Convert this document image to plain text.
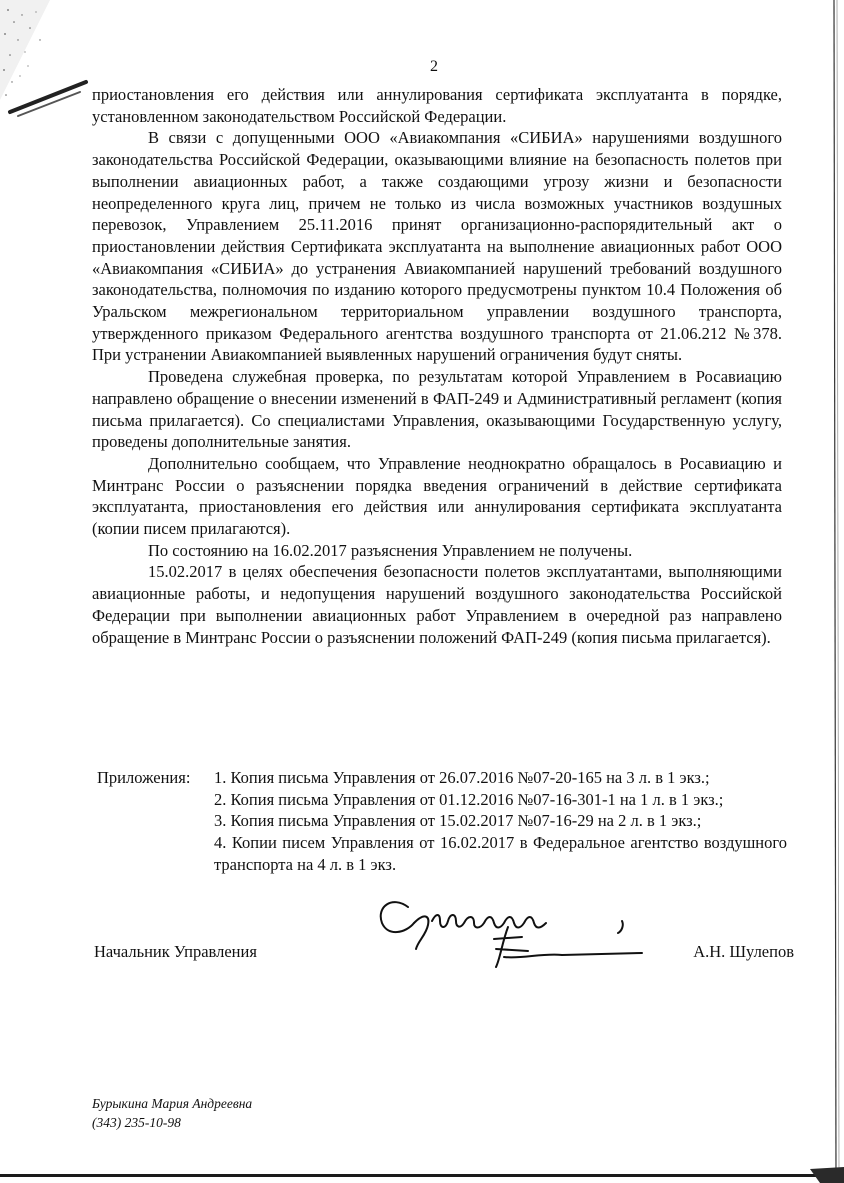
2

приостановления его действия или аннулирования сертификата эксплуатанта в порядке, установленном законодательством Российской Федерации.

В связи с допущенными ООО «Авиакомпания «СИБИА» нарушениями воздушного законодательства Российской Федерации, оказывающими влияние на безопасность полетов при выполнении авиационных работ, а также создающими угрозу жизни и безопасности неопределенного круга лиц, причем не только из числа возможных участников воздушных перевозок, Управлением 25.11.2016 принят организационно-распорядительный акт о приостановлении действия Сертификата эксплуатанта на выполнение авиационных работ ООО «Авиакомпания «СИБИА» до устранения Авиакомпанией нарушений требований воздушного законодательства, полномочия по изданию которого предусмотрены пунктом 10.4 Положения об Уральском межрегиональном территориальном управлении воздушного транспорта, утвержденного приказом Федерального агентства воздушного транспорта от 21.06.212 №378. При устранении Авиакомпанией выявленных нарушений ограничения будут сняты.

Проведена служебная проверка, по результатам которой Управлением в Росавиацию направлено обращение о внесении изменений в ФАП-249 и Административный регламент (копия письма прилагается). Со специалистами Управления, оказывающими Государственную услугу, проведены дополнительные занятия.

Дополнительно сообщаем, что Управление неоднократно обращалось в Росавиацию и Минтранс России о разъяснении порядка введения ограничений в действие сертификата эксплуатанта, приостановления его действия или аннулирования сертификата эксплуатанта (копии писем прилагаются).

По состоянию на 16.02.2017 разъяснения Управлением не получены.

15.02.2017 в целях обеспечения безопасности полетов эксплуатантами, выполняющими авиационные работы, и недопущения нарушений воздушного законодательства Российской Федерации при выполнении авиационных работ Управлением в очередной раз направлено обращение в Минтранс России о разъяснении положений ФАП-249 (копия письма прилагается).

Приложения:	1. Копия письма Управления от 26.07.2016 №07-20-165 на 3 л. в 1 экз.;

2. Копия письма Управления от 01.12.2016 №07-16-301-1 на 1 л. в 1 экз.;

3. Копия письма Управления от 15.02.2017 №07-16-29 на 2 л. в 1 экз.;

4. Копии писем Управления от 16.02.2017 в Федеральное агентство воздушного транспорта на 4 л. в 1 экз.

Начальник Управления	А.Н. Шулепов
Бурыкина Мария Андреевна
(343) 235-10-98
